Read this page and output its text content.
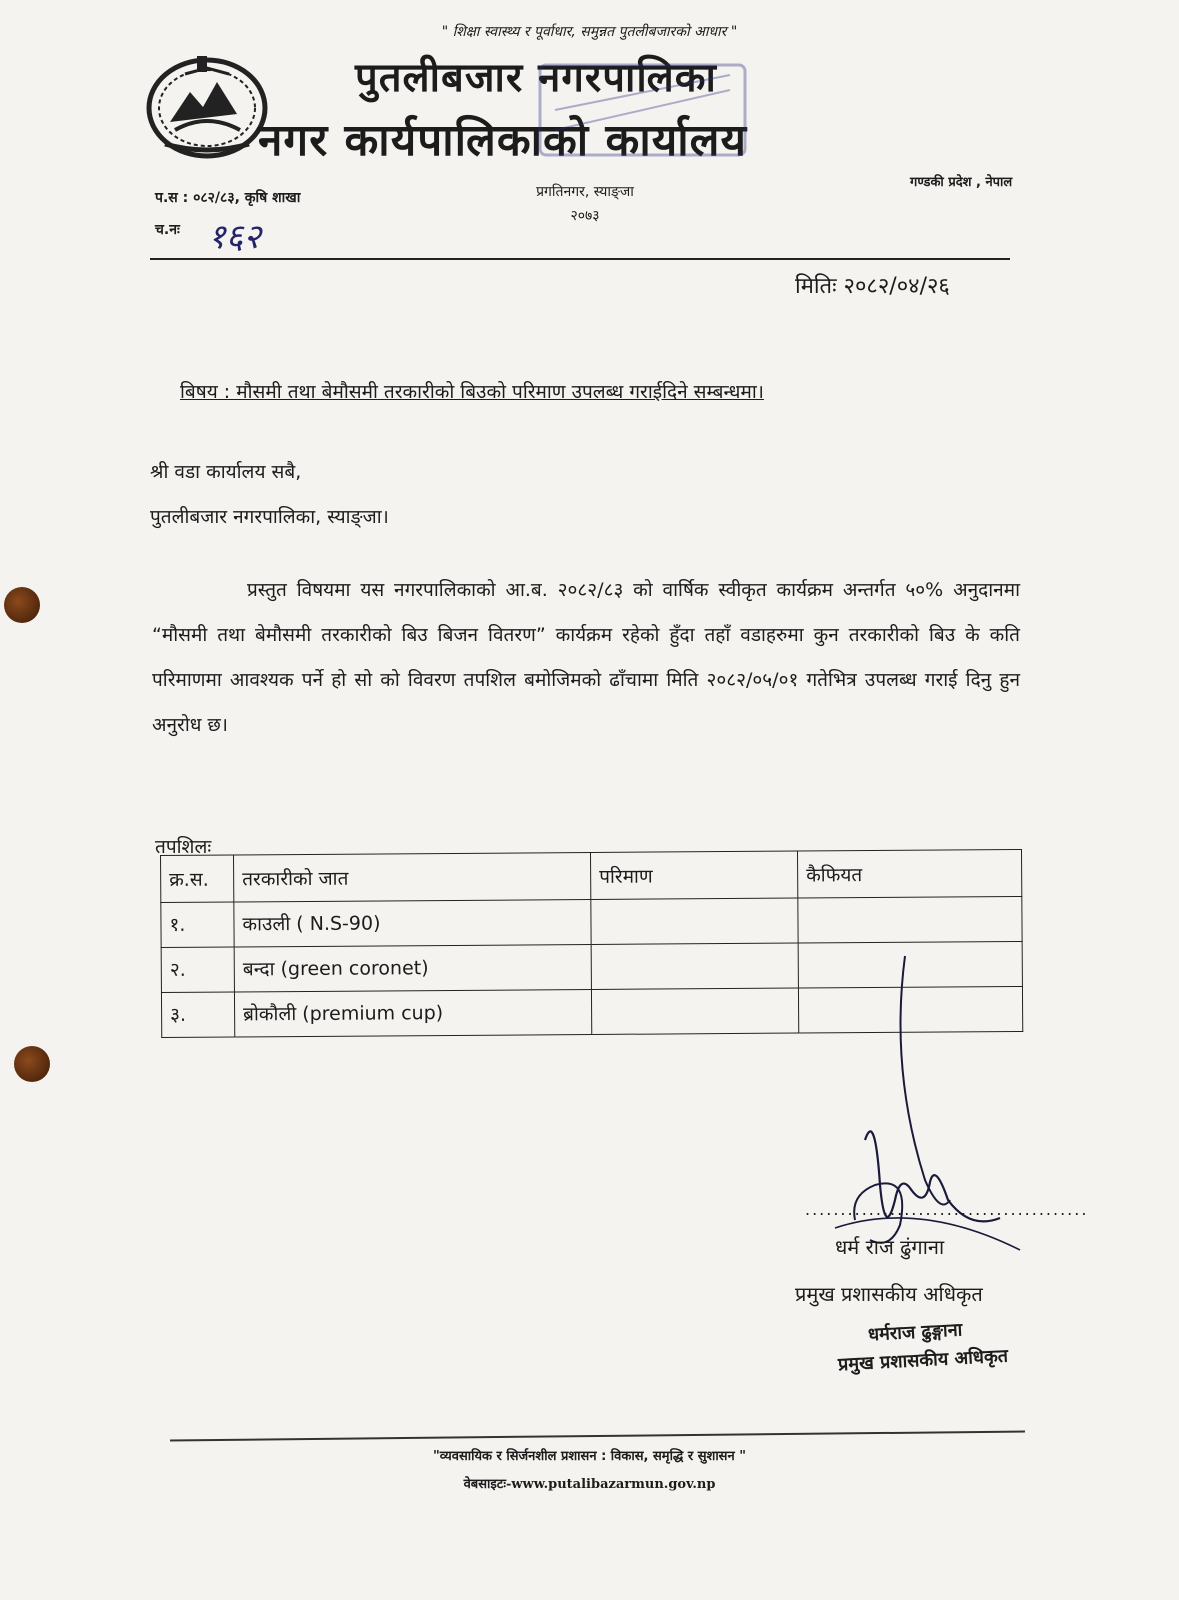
" शिक्षा स्वास्थ्य र पूर्वाधार, समुन्नत पुतलीबजारको आधार "
पुतलीबजार नगरपालिका
नगर कार्यपालिकाको कार्यालय
प्रगतिनगर, स्याङ्जा
२०७३
गण्डकी प्रदेश , नेपाल
प.स : ०८२/८३, कृषि शाखा
च.नः १६२
मितिः २०८२/०४/२६
बिषय : मौसमी तथा बेमौसमी तरकारीको बिउको परिमाण उपलब्ध गराईदिने सम्बन्धमा।
श्री वडा कार्यालय सबै,
पुतलीबजार नगरपालिका, स्याङ्जा।
प्रस्तुत विषयमा यस नगरपालिकाको आ.ब. २०८२/८३ को वार्षिक स्वीकृत कार्यक्रम अन्तर्गत ५०% अनुदानमा “मौसमी तथा बेमौसमी तरकारीको बिउ बिजन वितरण” कार्यक्रम रहेको हुँदा तहाँ वडाहरुमा कुन तरकारीको बिउ के कति परिमाणमा आवश्यक पर्ने हो सो को विवरण तपशिल बमोजिमको ढाँचामा मिति २०८२/०५/०१ गतेभित्र उपलब्ध गराई दिनु हुन अनुरोध छ।
तपशिलः
क्र.स.	तरकारीको जात	परिमाण	कैफियत
१.	काउली ( N.S-90)		
२.	बन्दा (green coronet)		
३.	ब्रोकौली (premium cup)		
........................................
धर्म राज ढुंगाना
प्रमुख प्रशासकीय अधिकृत
धर्मराज ढुङ्गाना
प्रमुख प्रशासकीय अधिकृत
"व्यवसायिक र सिर्जनशील प्रशासन : विकास, समृद्धि र सुशासन "
वेबसाइटः-www.putalibazarmun.gov.np
